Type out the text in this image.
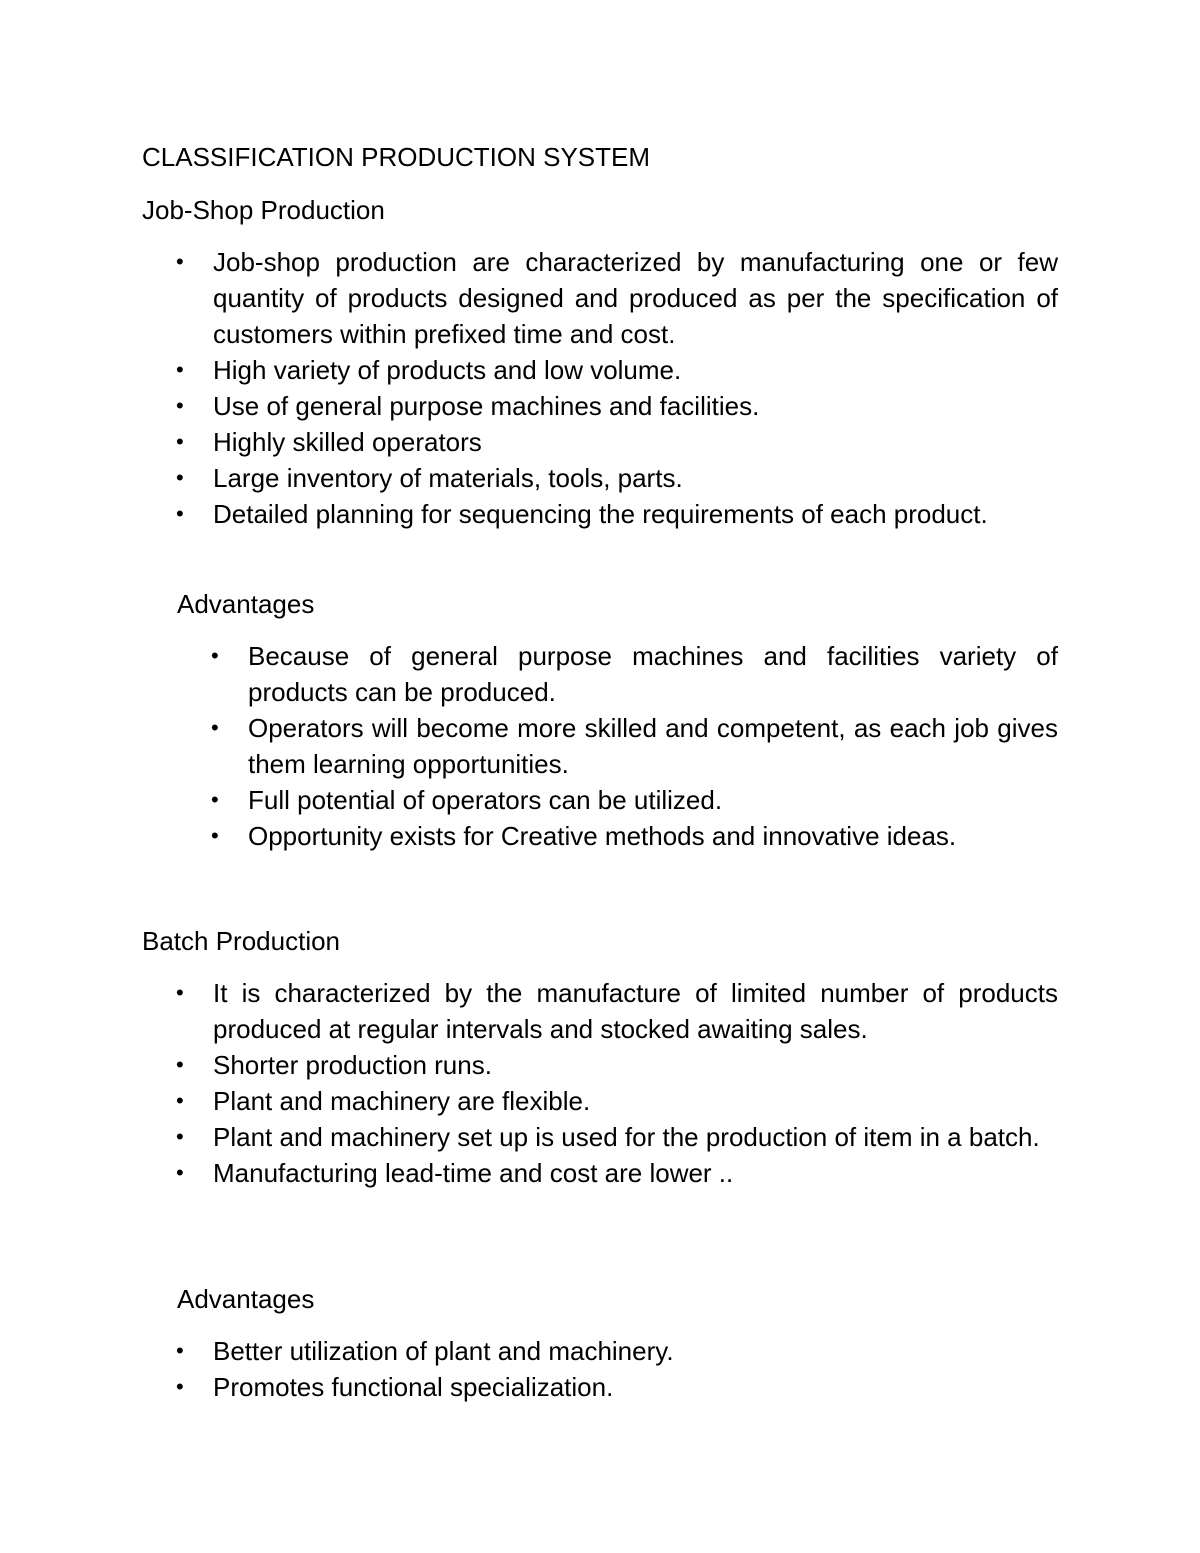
CLASSIFICATION PRODUCTION SYSTEM

Job-Shop Production

• Job-shop production are characterized by manufacturing one or few quantity of products designed and produced as per the specification of customers within prefixed time and cost.
• High variety of products and low volume.
• Use of general purpose machines and facilities.
• Highly skilled operators
• Large inventory of materials, tools, parts.
• Detailed planning for sequencing the requirements of each product.

Advantages

• Because of general purpose machines and facilities variety of products can be produced.
• Operators will become more skilled and competent, as each job gives them learning opportunities.
• Full potential of operators can be utilized.
• Opportunity exists for Creative methods and innovative ideas.

Batch Production

• It is characterized by the manufacture of limited number of products produced at regular intervals and stocked awaiting sales.
• Shorter production runs.
• Plant and machinery are flexible.
• Plant and machinery set up is used for the production of item in a batch.
• Manufacturing lead-time and cost are lower ..

Advantages

• Better utilization of plant and machinery.
• Promotes functional specialization.
